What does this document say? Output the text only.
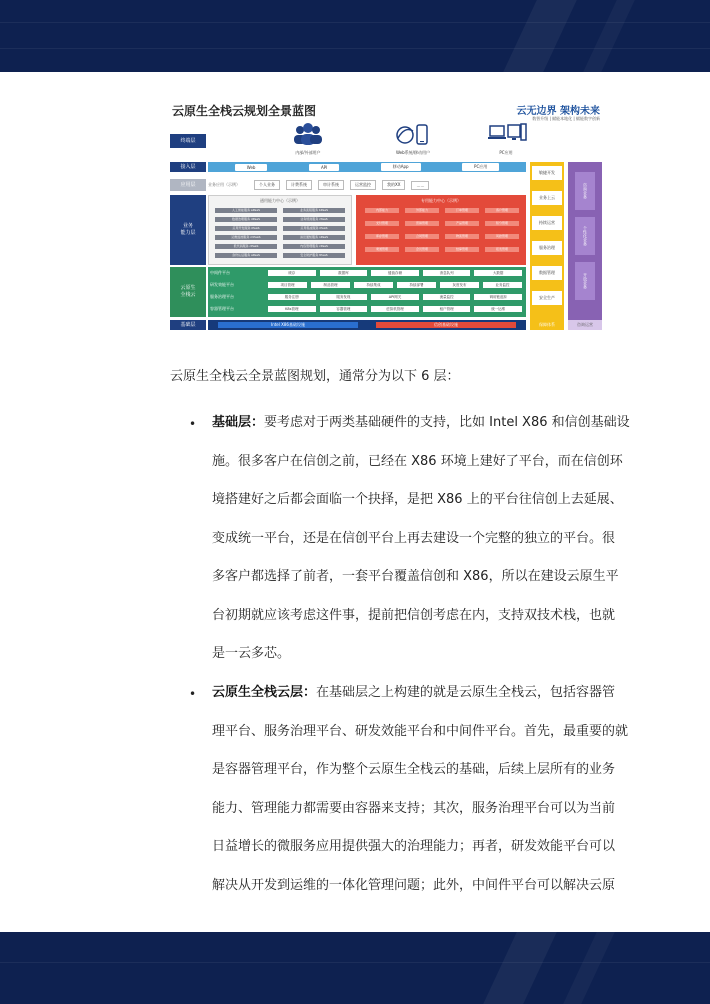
云原生全栈云规划全景蓝图	云无边界 架构未来
数智升级 | 赋能本地化 | 赋能数字创新
终端层
接入层
应用层
业务
能力层
云原生
全栈云
基础层
内部/外部用户	Web系统/移动用户	PC应用
Web	API	移动App	PC应用
业务应用（示例）	个人业务	计费系统	审计系统	运营监控	我的XX	……
通用能力中心（示例）
人工智能服务 aPaaS	业务流程服务 bPaaS
数据治理服务 dPaaS	业务规则服务 rPaaS
应用开发服务 iPaaS	应用集成服务 iPaaS
运维监控服务 mPaaS	消息通知服务 nPaaS
低代码服务 cPaaS	内容管理服务 cPaaS
身份认证服务 sPaaS	安全防护服务 tPaaS
专用能力中心（示例）
内部能力	外部能力	订单管理	客户管理
支付管理	营销管理	产品管理	积分管理
库存管理	合同管理	物流管理	风控管理
渠道管理	会员管理	结算管理	报表管理
中间件平台	缓存	数据库	键值存储	消息队列	大数据
研发效能平台	项目管理	制品管理	持续集成	持续部署	灰度发布	业务监控
服务治理平台	服务注册	服务发现	API网关	流量监控	调用链追踪
容器管理平台	K8s管理	容器管理	虚拟机管理	租户管理	统一运维
Intel X86基础设施	信创基础设施	保障体系
敏捷开发
业务上云
持续运营
服务治理
数据管理
安全生产
咨询运营
咨询业务
个性化业务
开放业务
云原生全栈云全景蓝图规划，通常分为以下 6 层：
• 基础层：要考虑对于两类基础硬件的支持，比如 Intel X86 和信创基础设
施。很多客户在信创之前，已经在 X86 环境上建好了平台，而在信创环
境搭建好之后都会面临一个抉择，是把 X86 上的平台往信创上去延展、
变成统一平台，还是在信创平台上再去建设一个完整的独立的平台。很
多客户都选择了前者，一套平台覆盖信创和 X86，所以在建设云原生平
台初期就应该考虑这件事，提前把信创考虑在内，支持双技术栈，也就
是一云多芯。
• 云原生全栈云层：在基础层之上构建的就是云原生全栈云，包括容器管
理平台、服务治理平台、研发效能平台和中间件平台。首先，最重要的就
是容器管理平台，作为整个云原生全栈云的基础，后续上层所有的业务
能力、管理能力都需要由容器来支持；其次，服务治理平台可以为当前
日益增长的微服务应用提供强大的治理能力；再者，研发效能平台可以
解决从开发到运维的一体化管理问题；此外，中间件平台可以解决云原
